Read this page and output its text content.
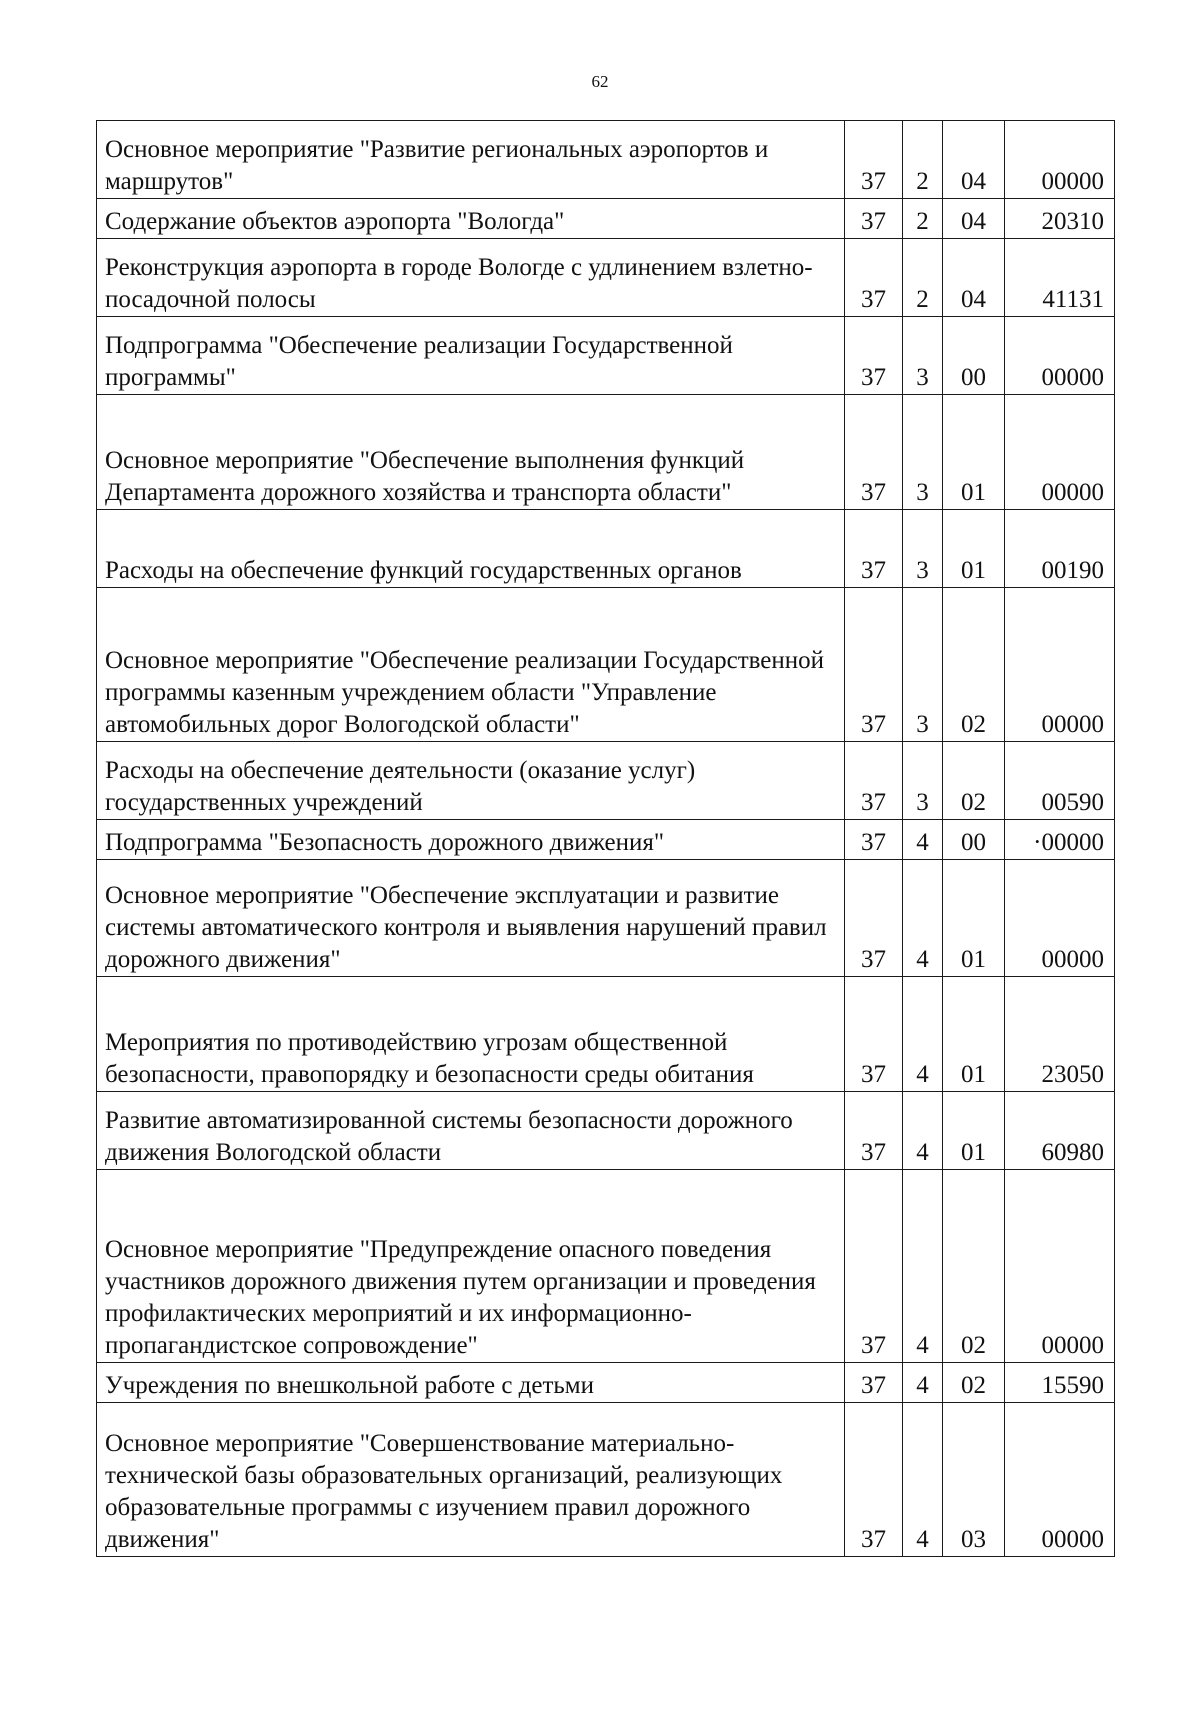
62
Основное мероприятие "Развитие региональных аэропортов и маршрутов"	37	2	04	00000
Содержание объектов аэропорта "Вологда"	37	2	04	20310
Реконструкция аэропорта в городе Вологде с удлинением взлетно-посадочной полосы	37	2	04	41131
Подпрограмма "Обеспечение реализации Государственной программы"	37	3	00	00000
Основное мероприятие "Обеспечение выполнения функций Департамента дорожного хозяйства и транспорта области"	37	3	01	00000
Расходы на обеспечение функций государственных органов	37	3	01	00190
Основное мероприятие "Обеспечение реализации Государственной программы казенным учреждением области "Управление автомобильных дорог Вологодской области"	37	3	02	00000
Расходы на обеспечение деятельности (оказание услуг) государственных учреждений	37	3	02	00590
Подпрограмма "Безопасность дорожного движения"	37	4	00	·00000
Основное мероприятие "Обеспечение эксплуатации и развитие системы автоматического контроля и выявления нарушений правил дорожного движения"	37	4	01	00000
Мероприятия по противодействию угрозам общественной безопасности, правопорядку и безопасности среды обитания	37	4	01	23050
Развитие автоматизированной системы безопасности дорожного движения Вологодской области	37	4	01	60980
Основное мероприятие "Предупреждение опасного поведения участников дорожного движения путем организации и проведения профилактических мероприятий и их информационно-пропагандистское сопровождение"	37	4	02	00000
Учреждения по внешкольной работе с детьми	37	4	02	15590
Основное мероприятие "Совершенствование материально-технической базы образовательных организаций, реализующих образовательные программы с изучением правил дорожного движения"	37	4	03	00000
